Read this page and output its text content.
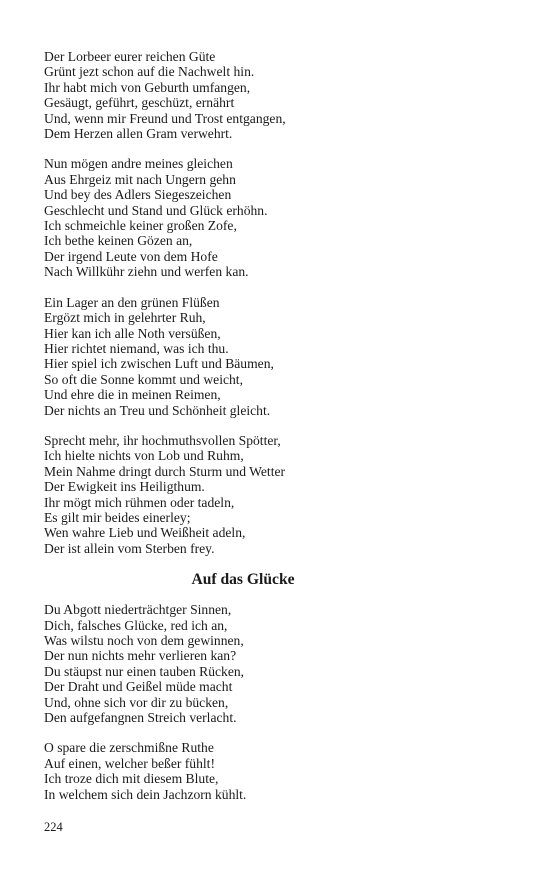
Der Lorbeer eurer reichen Güte
Grünt jezt schon auf die Nachwelt hin.
Ihr habt mich von Geburth umfangen,
Gesäugt, geführt, geschüzt, ernährt
Und, wenn mir Freund und Trost entgangen,
Dem Herzen allen Gram verwehrt.
Nun mögen andre meines gleichen
Aus Ehrgeiz mit nach Ungern gehn
Und bey des Adlers Siegeszeichen
Geschlecht und Stand und Glück erhöhn.
Ich schmeichle keiner großen Zofe,
Ich bethe keinen Gözen an,
Der irgend Leute von dem Hofe
Nach Willkühr ziehn und werfen kan.
Ein Lager an den grünen Flüßen
Ergözt mich in gelehrter Ruh,
Hier kan ich alle Noth versüßen,
Hier richtet niemand, was ich thu.
Hier spiel ich zwischen Luft und Bäumen,
So oft die Sonne kommt und weicht,
Und ehre die in meinen Reimen,
Der nichts an Treu und Schönheit gleicht.
Sprecht mehr, ihr hochmuthsvollen Spötter,
Ich hielte nichts von Lob und Ruhm,
Mein Nahme dringt durch Sturm und Wetter
Der Ewigkeit ins Heiligthum.
Ihr mögt mich rühmen oder tadeln,
Es gilt mir beides einerley;
Wen wahre Lieb und Weißheit adeln,
Der ist allein vom Sterben frey.
Auf das Glücke
Du Abgott niederträchtger Sinnen,
Dich, falsches Glücke, red ich an,
Was wilstu noch von dem gewinnen,
Der nun nichts mehr verlieren kan?
Du stäupst nur einen tauben Rücken,
Der Draht und Geißel müde macht
Und, ohne sich vor dir zu bücken,
Den aufgefangnen Streich verlacht.
O spare die zerschmißne Ruthe
Auf einen, welcher beßer fühlt!
Ich troze dich mit diesem Blute,
In welchem sich dein Jachzorn kühlt.
224
